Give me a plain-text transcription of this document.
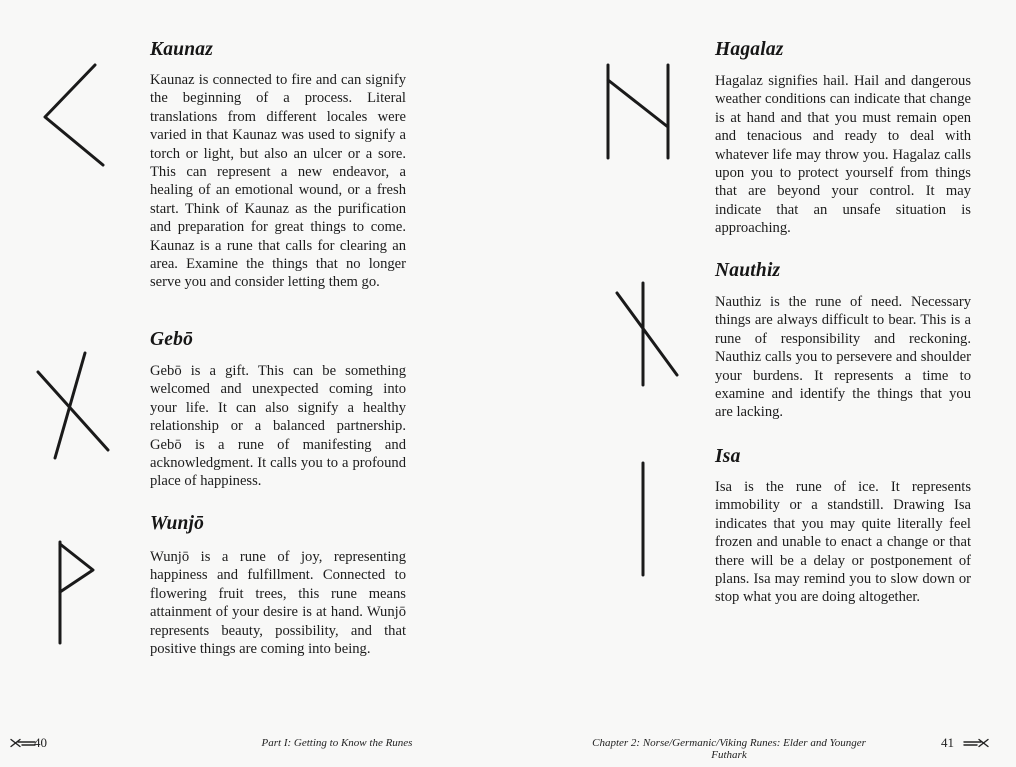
Kaunaz

Kaunaz is connected to fire and can signify the beginning of a process. Literal translations from different locales were varied in that Kaunaz was used to signify a torch or light, but also an ulcer or a sore. This can represent a new endeavor, a healing of an emotional wound, or a fresh start. Think of Kaunaz as the purification and preparation for great things to come. Kaunaz is a rune that calls for clearing an area. Examine the things that no longer serve you and consider letting them go.

Gebō

Gebō is a gift. This can be something welcomed and unexpected coming into your life. It can also signify a healthy relationship or a balanced partnership. Gebō is a rune of manifesting and acknowledgment. It calls you to a profound place of happiness.

Wunjō

Wunjō is a rune of joy, representing happiness and fulfillment. Connected to flowering fruit trees, this rune means attainment of your desire is at hand. Wunjō represents beauty, possibility, and that positive things are coming into being.

Hagalaz

Hagalaz signifies hail. Hail and dangerous weather conditions can indicate that change is at hand and that you must remain open and tenacious and ready to deal with whatever life may throw you. Hagalaz calls upon you to protect yourself from things that are beyond your control. It may indicate that an unsafe situation is approaching.

Nauthiz

Nauthiz is the rune of need. Necessary things are always difficult to bear. This is a rune of responsibility and reckoning. Nauthiz calls you to persevere and shoulder your burdens. It represents a time to examine and identify the things that you are lacking.

Isa

Isa is the rune of ice. It represents immobility or a standstill. Drawing Isa indicates that you may quite literally feel frozen and unable to enact a change or that there will be a delay or postponement of plans. Isa may remind you to slow down or stop what you are doing altogether.

40	Part I: Getting to Know the Runes	Chapter 2: Norse/Germanic/Viking Runes: Elder and Younger Futhark
41
